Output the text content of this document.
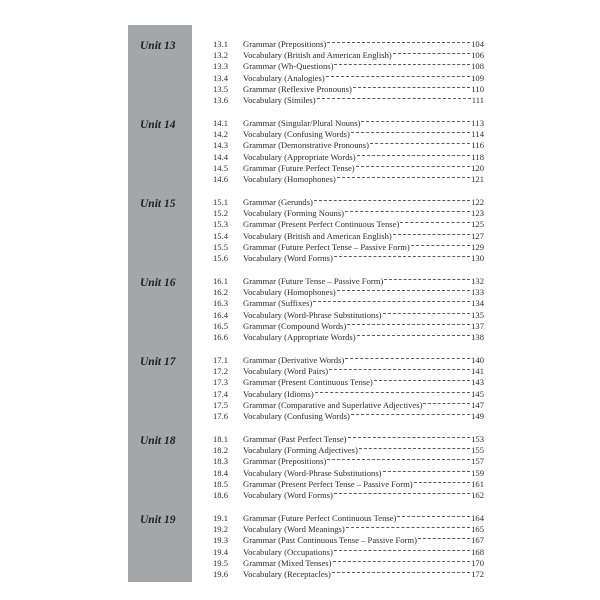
Unit 13	13.1	Grammar (Prepositions)	104
13.2	Vocabulary (British and American English)	106
13.3	Grammar (Wh-Questions)	108
13.4	Vocabulary (Analogies)	109
13.5	Grammar (Reflexive Pronouns)	110
13.6	Vocabulary (Similes)	111
Unit 14	14.1	Grammar (Singular/Plural Nouns)	113
14.2	Vocabulary (Confusing Words)	114
14.3	Grammar (Demonstrative Pronouns)	116
14.4	Vocabulary (Appropriate Words)	118
14.5	Grammar (Future Perfect Tense)	120
14.6	Vocabulary (Homophones)	121
Unit 15	15.1	Grammar (Gerunds)	122
15.2	Vocabulary (Forming Nouns)	123
15.3	Grammar (Present Perfect Continuous Tense)	125
15.4	Vocabulary (British and American English)	127
15.5	Grammar (Future Perfect Tense – Passive Form)	129
15.6	Vocabulary (Word Forms)	130
Unit 16	16.1	Grammar (Future Tense – Passive Form)	132
16.2	Vocabulary (Homophones)	133
16.3	Grammar (Suffixes)	134
16.4	Vocabulary (Word-Phrase Substitutions)	135
16.5	Grammar (Compound Words)	137
16.6	Vocabulary (Appropriate Words)	138
Unit 17	17.1	Grammar (Derivative Words)	140
17.2	Vocabulary (Word Pairs)	141
17.3	Grammar (Present Continuous Tense)	143
17.4	Vocabulary (Idioms)	145
17.5	Grammar (Comparative and Superlative Adjectives)	147
17.6	Vocabulary (Confusing Words)	149
Unit 18	18.1	Grammar (Past Perfect Tense)	153
18.2	Vocabulary (Forming Adjectives)	155
18.3	Grammar (Prepositions)	157
18.4	Vocabulary (Word-Phrase Substitutions)	159
18.5	Grammar (Present Perfect Tense – Passive Form)	161
18.6	Vocabulary (Word Forms)	162
Unit 19	19.1	Grammar (Future Perfect Continuous Tense)	164
19.2	Vocabulary (Word Meanings)	165
19.3	Grammar (Past Continuous Tense – Passive Form)	167
19.4	Vocabulary (Occupations)	168
19.5	Grammar (Mixed Tenses)	170
19.6	Vocabulary (Receptacles)	172
